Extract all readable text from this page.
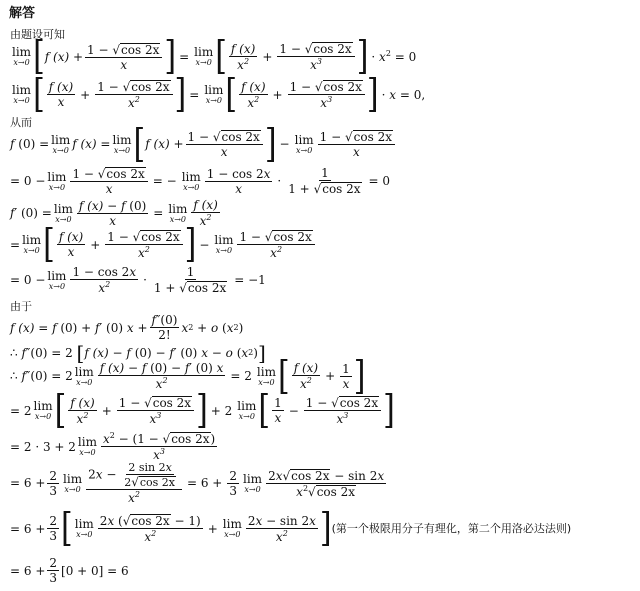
解答
由题设可知
lim
x→0 [ f $(x) + \frac{1 - √ \cos 2x}{x}$ ] = lim
x→0 [ f (x)
$x^2 + \frac{1 - √ \cos 2x}{x^3}$ ] · $x^2 = 0$
lim
x→0 [ f (x)
x
+ $\frac{1 - √ \cos 2x}{x^2}$ ] = lim
x→0 [ f (x)
$x^2 + \frac{1 - √ \cos 2x}{x^3}$ ] · x = 0,
从而
f (0) = lim
x→0 f (x) = lim
x→0 [ f $(x) + \frac{1 - √ \cos 2x}{x}$ ] − lim
x→0
1 − √ cos 2x
x
= 0 − lim
$x\to 0 \frac{1 - √ \cos 2x}{x}$ = − lim
x→0
1 − cos 2x
x
· $\frac{1}{1 + √ \cos 2x} = 0$
f ′ (0) = lim
$x\to 0 \frac{f (x) - f (0)}{x} = \lim$
x→0
f (x)
$x^2$
= lim
x→0 [ f (x)
x
+ $\frac{1 - √ \cos 2x}{x^2}$ ] − lim
x→0
1 − √ cos 2x
$x^2$
= 0 − lim
x→0
1 − cos 2x
$x^2$	· $\frac{1}{1 + √ \cos 2x} = -1$
由于
f (x) = f (0) + f ′ (0) x +
f″(0)
2!
x 2 + o ( x 2 )
∴ f ″(0) = 2 [ f (x) − f (0) − f ′ (0) x − o ( x 2 ) ]
∴ f ″(0) = 2 lim
$x\to 0 \frac{f (x) - f (0) - f' (0) x}{x^2} = 2$ lim
x→0 [ f (x)
$x^2 + \frac{1}{x}$ ]
= 2 lim
x→0 [ f (x)
$x^2 + \frac{1 - √ \cos 2x}{x^3}$ ] + 2 lim
x→0 [ 1
x
− $\frac{1 - √ \cos 2x}{x^3}$ ]
= 2 · 3 + 2 lim
x→0
$x^2 - (1$ − √ cos 2x )
$x^3$
= 6 +
2
3
lim
$x\to 0 \frac{2x - \frac{2 \sin 2x}{2 √ \cos 2x}}{x^2} = 6 + \frac{2}{3}$ lim
x→0
2x √ cos 2x − sin 2x
$x^2$ √ cos 2x
= 6 +
2
3 [ lim
x→0
2x ( √ cos 2x − 1)
$x^2$	+ lim
x→0
2x − sin 2x
$x^2$ ] (第一个极限用分子有理化，第二个用洛必达法则)
= 6 +
2
3
[0 + 0] = 6
